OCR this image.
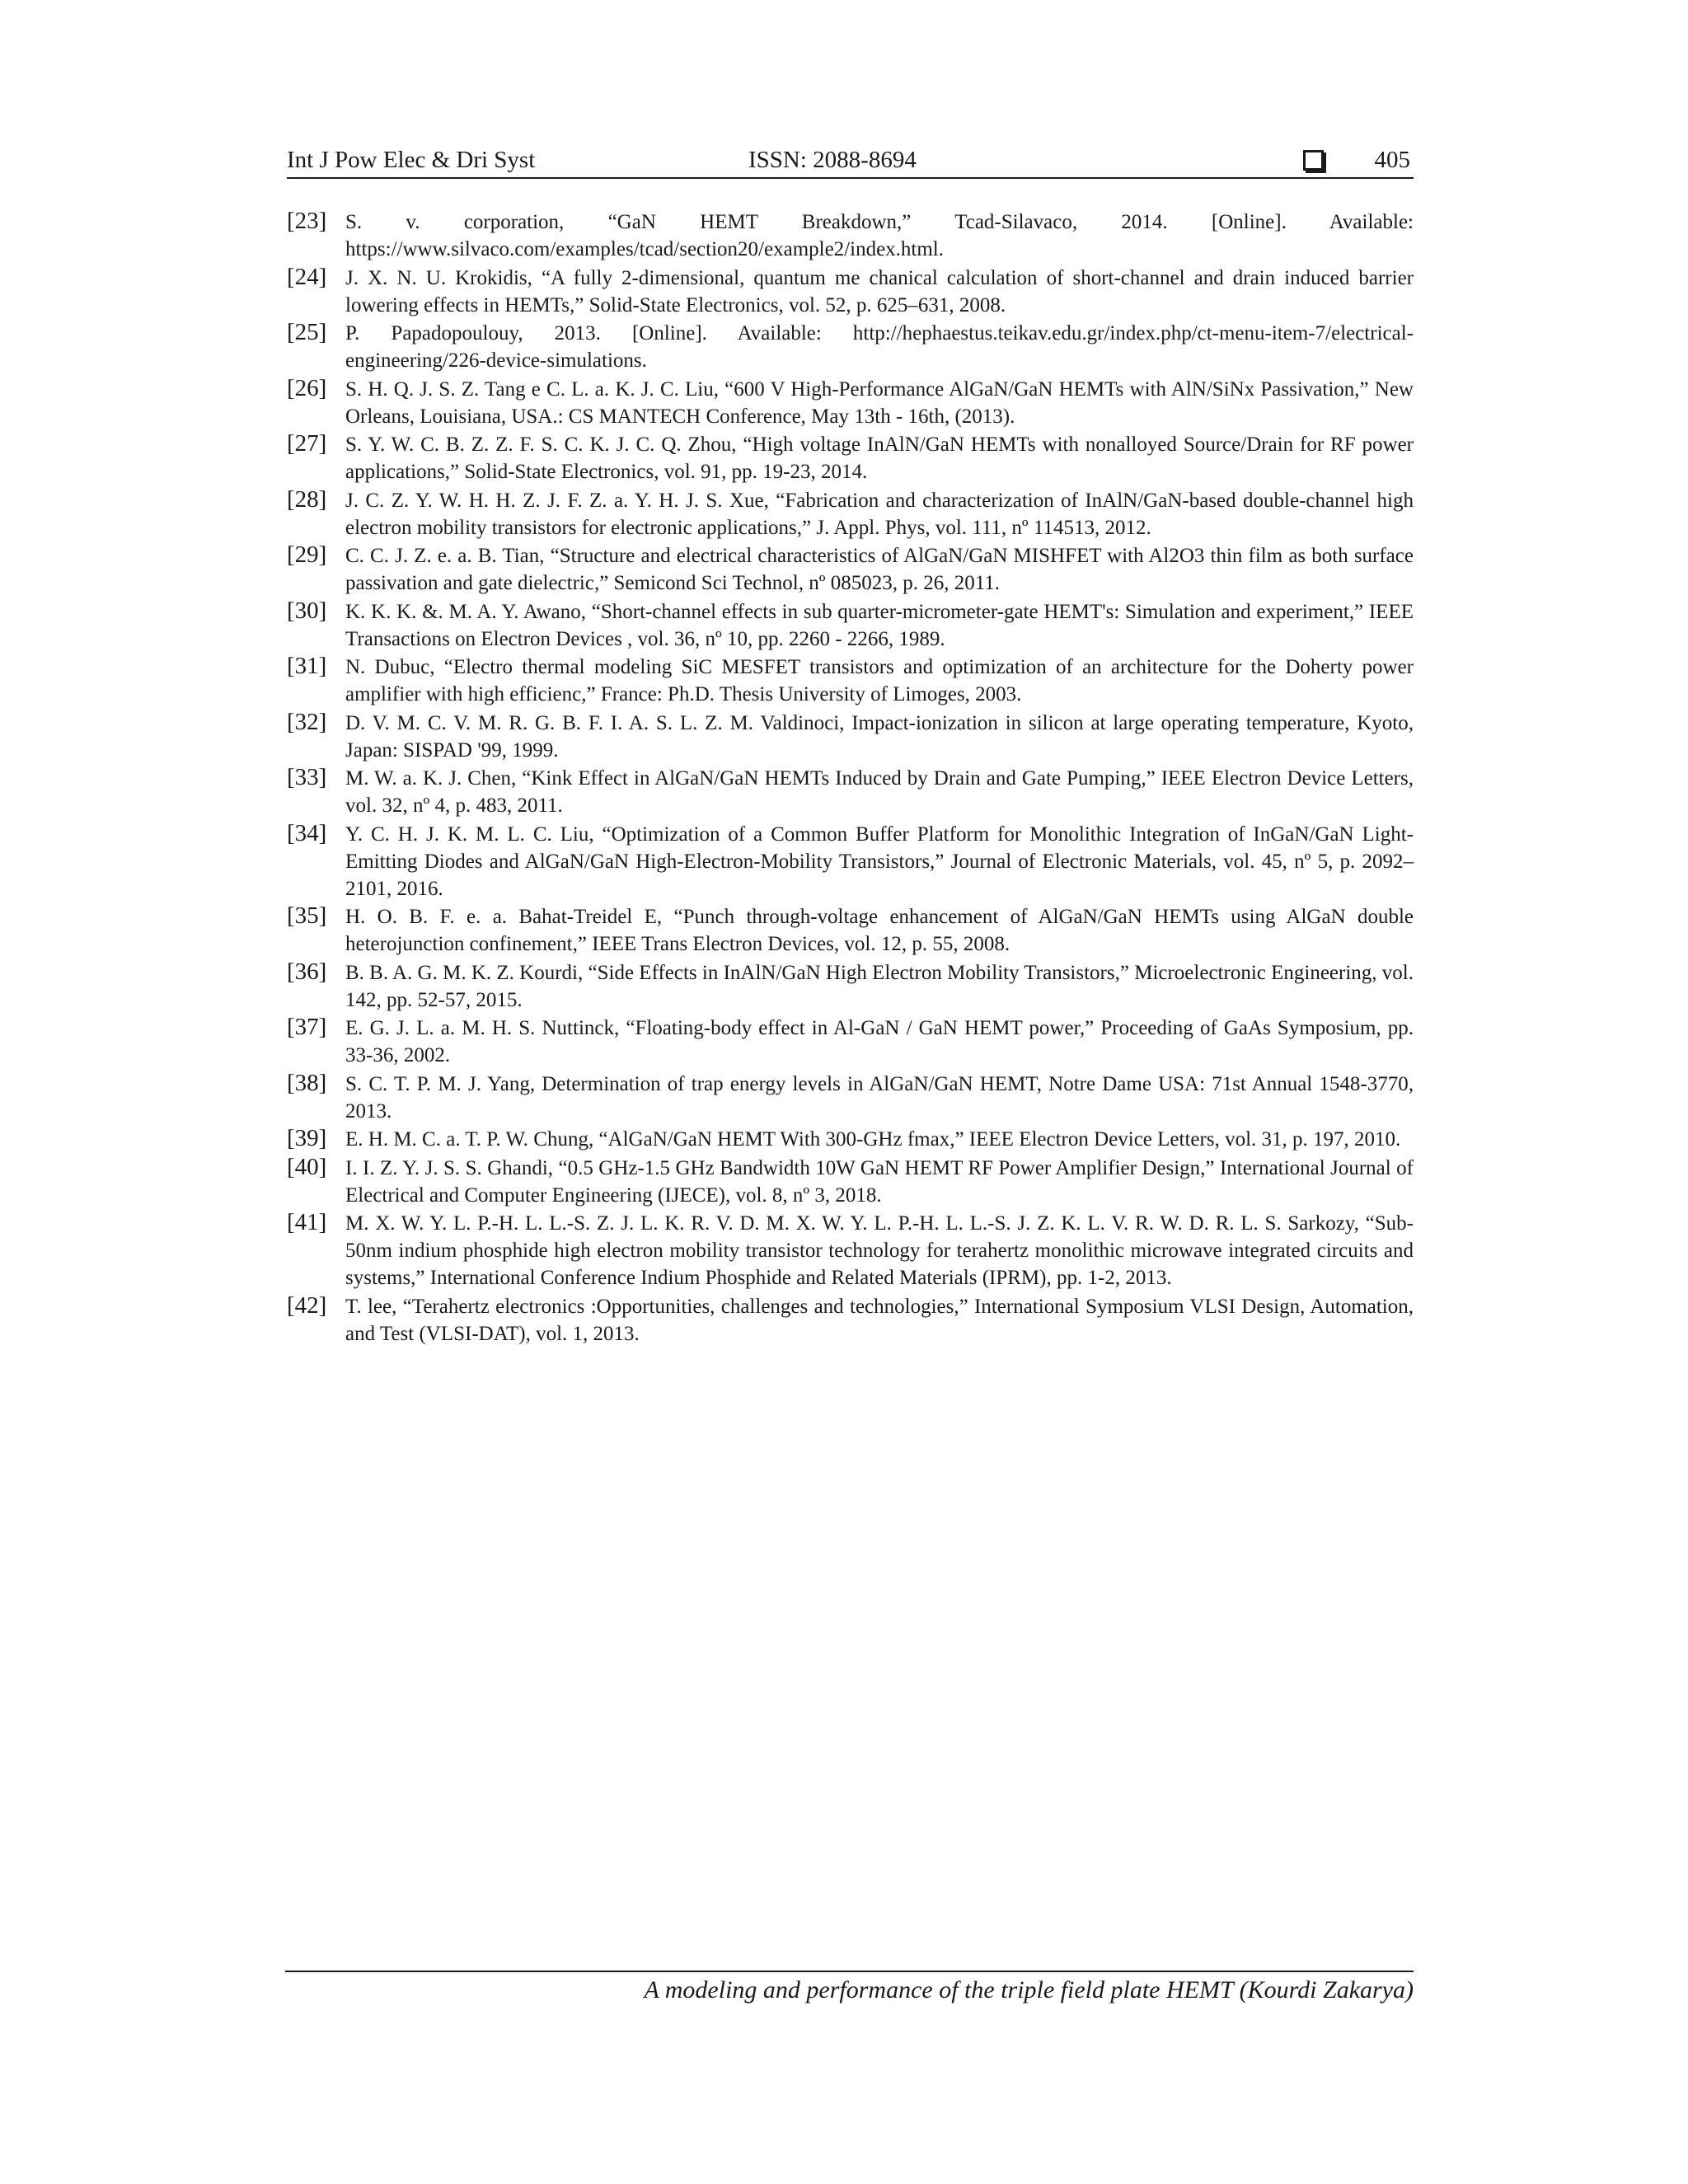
Int J Pow Elec & Dri Syst	ISSN: 2088-8694	405
[23] S. v. corporation, “GaN HEMT Breakdown,” Tcad-Silavaco, 2014. [Online]. Available: https://www.silvaco.com/examples/tcad/section20/example2/index.html.
[24] J. X. N. U. Krokidis, “A fully 2-dimensional, quantum me chanical calculation of short-channel and drain induced barrier lowering effects in HEMTs,” Solid-State Electronics, vol. 52, p. 625–631, 2008.
[25] P. Papadopoulouy, 2013. [Online]. Available: http://hephaestus.teikav.edu.gr/index.php/ct-menu-item-7/electrical-engineering/226-device-simulations.
[26] S. H. Q. J. S. Z. Tang e C. L. a. K. J. C. Liu, “600 V High-Performance AlGaN/GaN HEMTs with AlN/SiNx Passivation,” New Orleans, Louisiana, USA.: CS MANTECH Conference, May 13th - 16th, (2013).
[27] S. Y. W. C. B. Z. Z. F. S. C. K. J. C. Q. Zhou, “High voltage InAlN/GaN HEMTs with nonalloyed Source/Drain for RF power applications,” Solid-State Electronics, vol. 91, pp. 19-23, 2014.
[28] J. C. Z. Y. W. H. H. Z. J. F. Z. a. Y. H. J. S. Xue, “Fabrication and characterization of InAlN/GaN-based double-channel high electron mobility transistors for electronic applications,” J. Appl. Phys, vol. 111, nº 114513, 2012.
[29] C. C. J. Z. e. a. B. Tian, “Structure and electrical characteristics of AlGaN/GaN MISHFET with Al2O3 thin film as both surface passivation and gate dielectric,” Semicond Sci Technol, nº 085023, p. 26, 2011.
[30] K. K. K. &. M. A. Y. Awano, “Short-channel effects in sub quarter-micrometer-gate HEMT's: Simulation and experiment,” IEEE Transactions on Electron Devices , vol. 36, nº 10, pp. 2260 - 2266, 1989.
[31] N. Dubuc, “Electro thermal modeling SiC MESFET transistors and optimization of an architecture for the Doherty power amplifier with high efficienc,” France: Ph.D. Thesis University of Limoges, 2003.
[32] D. V. M. C. V. M. R. G. B. F. I. A. S. L. Z. M. Valdinoci, Impact-ionization in silicon at large operating temperature, Kyoto, Japan: SISPAD '99, 1999.
[33] M. W. a. K. J. Chen, “Kink Effect in AlGaN/GaN HEMTs Induced by Drain and Gate Pumping,” IEEE Electron Device Letters, vol. 32, nº 4, p. 483, 2011.
[34] Y. C. H. J. K. M. L. C. Liu, “Optimization of a Common Buffer Platform for Monolithic Integration of InGaN/GaN Light-Emitting Diodes and AlGaN/GaN High-Electron-Mobility Transistors,” Journal of Electronic Materials, vol. 45, nº 5, p. 2092–2101, 2016.
[35] H. O. B. F. e. a. Bahat-Treidel E, “Punch through-voltage enhancement of AlGaN/GaN HEMTs using AlGaN double heterojunction confinement,” IEEE Trans Electron Devices, vol. 12, p. 55, 2008.
[36] B. B. A. G. M. K. Z. Kourdi, “Side Effects in InAlN/GaN High Electron Mobility Transistors,” Microelectronic Engineering, vol. 142, pp. 52-57, 2015.
[37] E. G. J. L. a. M. H. S. Nuttinck, “Floating-body effect in Al-GaN / GaN HEMT power,” Proceeding of GaAs Symposium, pp. 33-36, 2002.
[38] S. C. T. P. M. J. Yang, Determination of trap energy levels in AlGaN/GaN HEMT, Notre Dame USA: 71st Annual 1548-3770, 2013.
[39] E. H. M. C. a. T. P. W. Chung, “AlGaN/GaN HEMT With 300-GHz fmax,” IEEE Electron Device Letters, vol. 31, p. 197, 2010.
[40] I. I. Z. Y. J. S. S. Ghandi, “0.5 GHz-1.5 GHz Bandwidth 10W GaN HEMT RF Power Amplifier Design,” International Journal of Electrical and Computer Engineering (IJECE), vol. 8, nº 3, 2018.
[41] M. X. W. Y. L. P.-H. L. L.-S. Z. J. L. K. R. V. D. M. X. W. Y. L. P.-H. L. L.-S. J. Z. K. L. V. R. W. D. R. L. S. Sarkozy, “Sub-50nm indium phosphide high electron mobility transistor technology for terahertz monolithic microwave integrated circuits and systems,” International Conference Indium Phosphide and Related Materials (IPRM), pp. 1-2, 2013.
[42] T. lee, “Terahertz electronics :Opportunities, challenges and technologies,” International Symposium VLSI Design, Automation, and Test (VLSI-DAT), vol. 1, 2013.
A modeling and performance of the triple field plate HEMT (Kourdi Zakarya)
